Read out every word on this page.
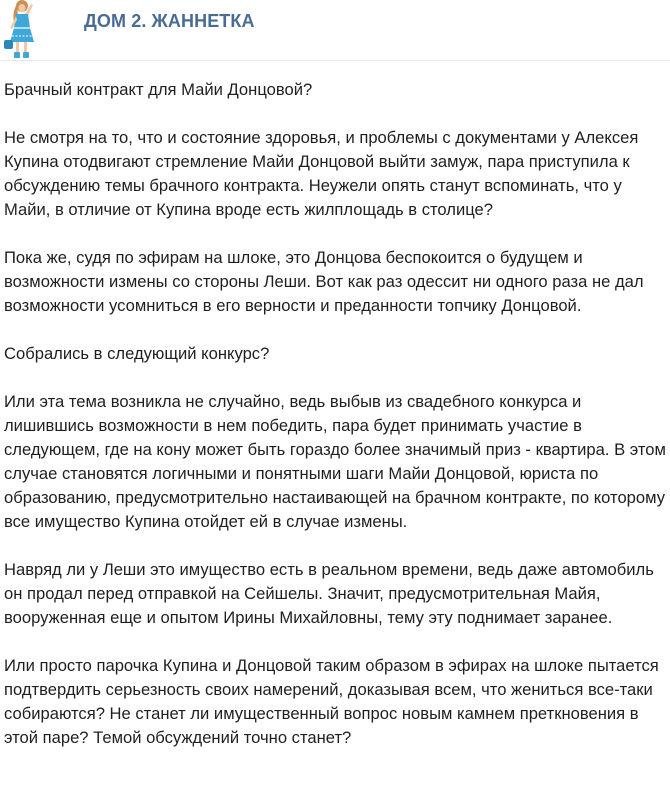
ДОМ 2. ЖАННЕТКА

Брачный контракт для Майи Донцовой?

Не смотря на то, что и состояние здоровья, и проблемы с документами у Алексея Купина отодвигают стремление Майи Донцовой выйти замуж, пара приступила к обсуждению темы брачного контракта. Неужели опять станут вспоминать, что у Майи, в отличие от Купина вроде есть жилплощадь в столице?

Пока же, судя по эфирам на шлоке, это Донцова беспокоится о будущем и возможности измены со стороны Леши. Вот как раз одессит ни одного раза не дал возможности усомниться в его верности и преданности топчику Донцовой.

Собрались в следующий конкурс?

Или эта тема возникла не случайно, ведь выбыв из свадебного конкурса и лишившись возможности в нем победить, пара будет принимать участие в следующем, где на кону может быть гораздо более значимый приз - квартира. В этом случае становятся логичными и понятными шаги Майи Донцовой, юриста по образованию, предусмотрительно настаивающей на брачном контракте, по которому все имущество Купина отойдет ей в случае измены.

Навряд ли у Леши это имущество есть в реальном времени, ведь даже автомобиль он продал перед отправкой на Сейшелы. Значит, предусмотрительная Майя, вооруженная еще и опытом Ирины Михайловны, тему эту поднимает заранее.

Или просто парочка Купина и Донцовой таким образом в эфирах на шлоке пытается подтвердить серьезность своих намерений, доказывая всем, что жениться все-таки собираются? Не станет ли имущественный вопрос новым камнем преткновения в этой паре? Темой обсуждений точно станет?
